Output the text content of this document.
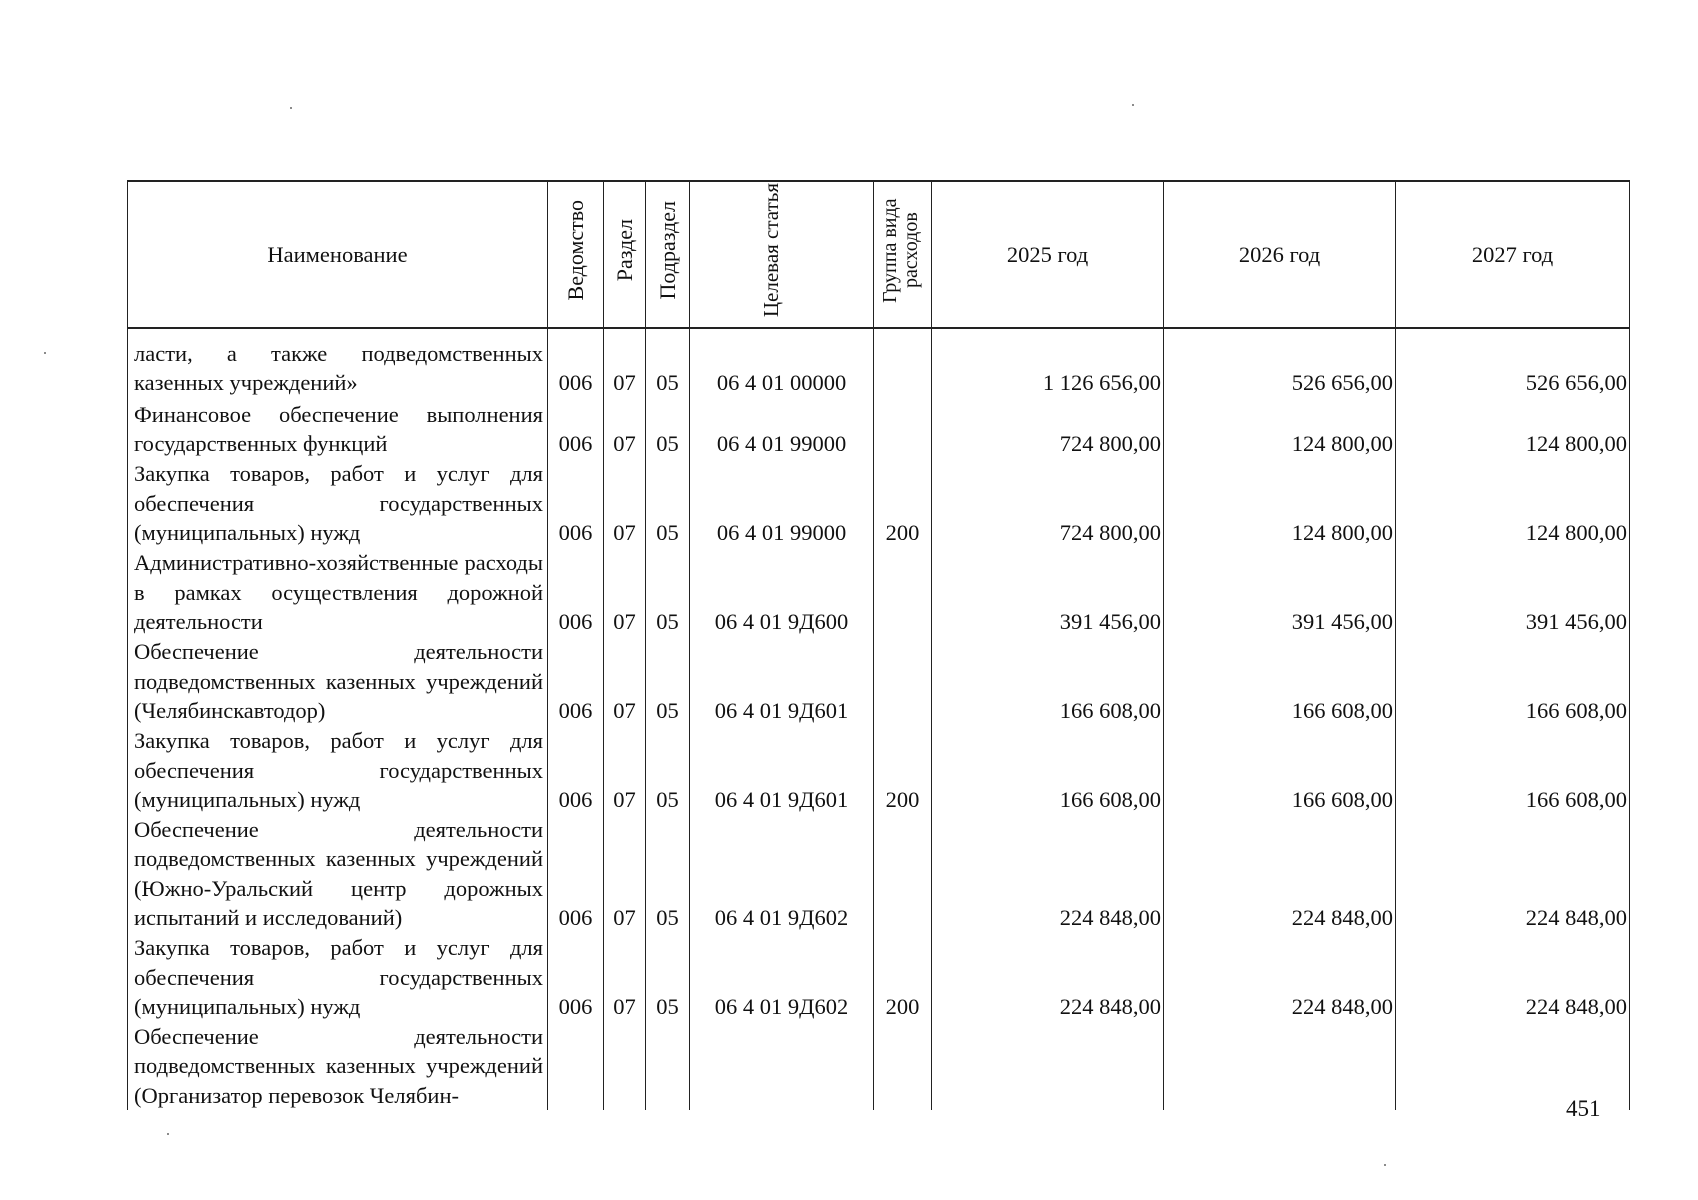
Наименование	Ведомство	Раздел	Подраздел	Целевая статья	Группа вида расходов	2025 год	2026 год	2027 год
ласти, а также подведомственных казенных учреждений»	006	07	05	06 4 01 00000		1 126 656,00	526 656,00	526 656,00
Финансовое обеспечение выполнения государственных функций	006	07	05	06 4 01 99000		724 800,00	124 800,00	124 800,00
Закупка товаров, работ и услуг для обеспечения государственных (муниципальных) нужд	006	07	05	06 4 01 99000	200	724 800,00	124 800,00	124 800,00
Административно-хозяйственные расходы в рамках осуществления дорожной деятельности	006	07	05	06 4 01 9Д600		391 456,00	391 456,00	391 456,00
Обеспечение деятельности подведомственных казенных учреждений (Челябинскавтодор)	006	07	05	06 4 01 9Д601		166 608,00	166 608,00	166 608,00
Закупка товаров, работ и услуг для обеспечения государственных (муниципальных) нужд	006	07	05	06 4 01 9Д601	200	166 608,00	166 608,00	166 608,00
Обеспечение деятельности подведомственных казенных учреждений (Южно-Уральский центр дорожных испытаний и исследований)	006	07	05	06 4 01 9Д602		224 848,00	224 848,00	224 848,00
Закупка товаров, работ и услуг для обеспечения государственных (муниципальных) нужд	006	07	05	06 4 01 9Д602	200	224 848,00	224 848,00	224 848,00
Обеспечение деятельности подведомственных казенных учреждений (Организатор перевозок Челябин-								
451
